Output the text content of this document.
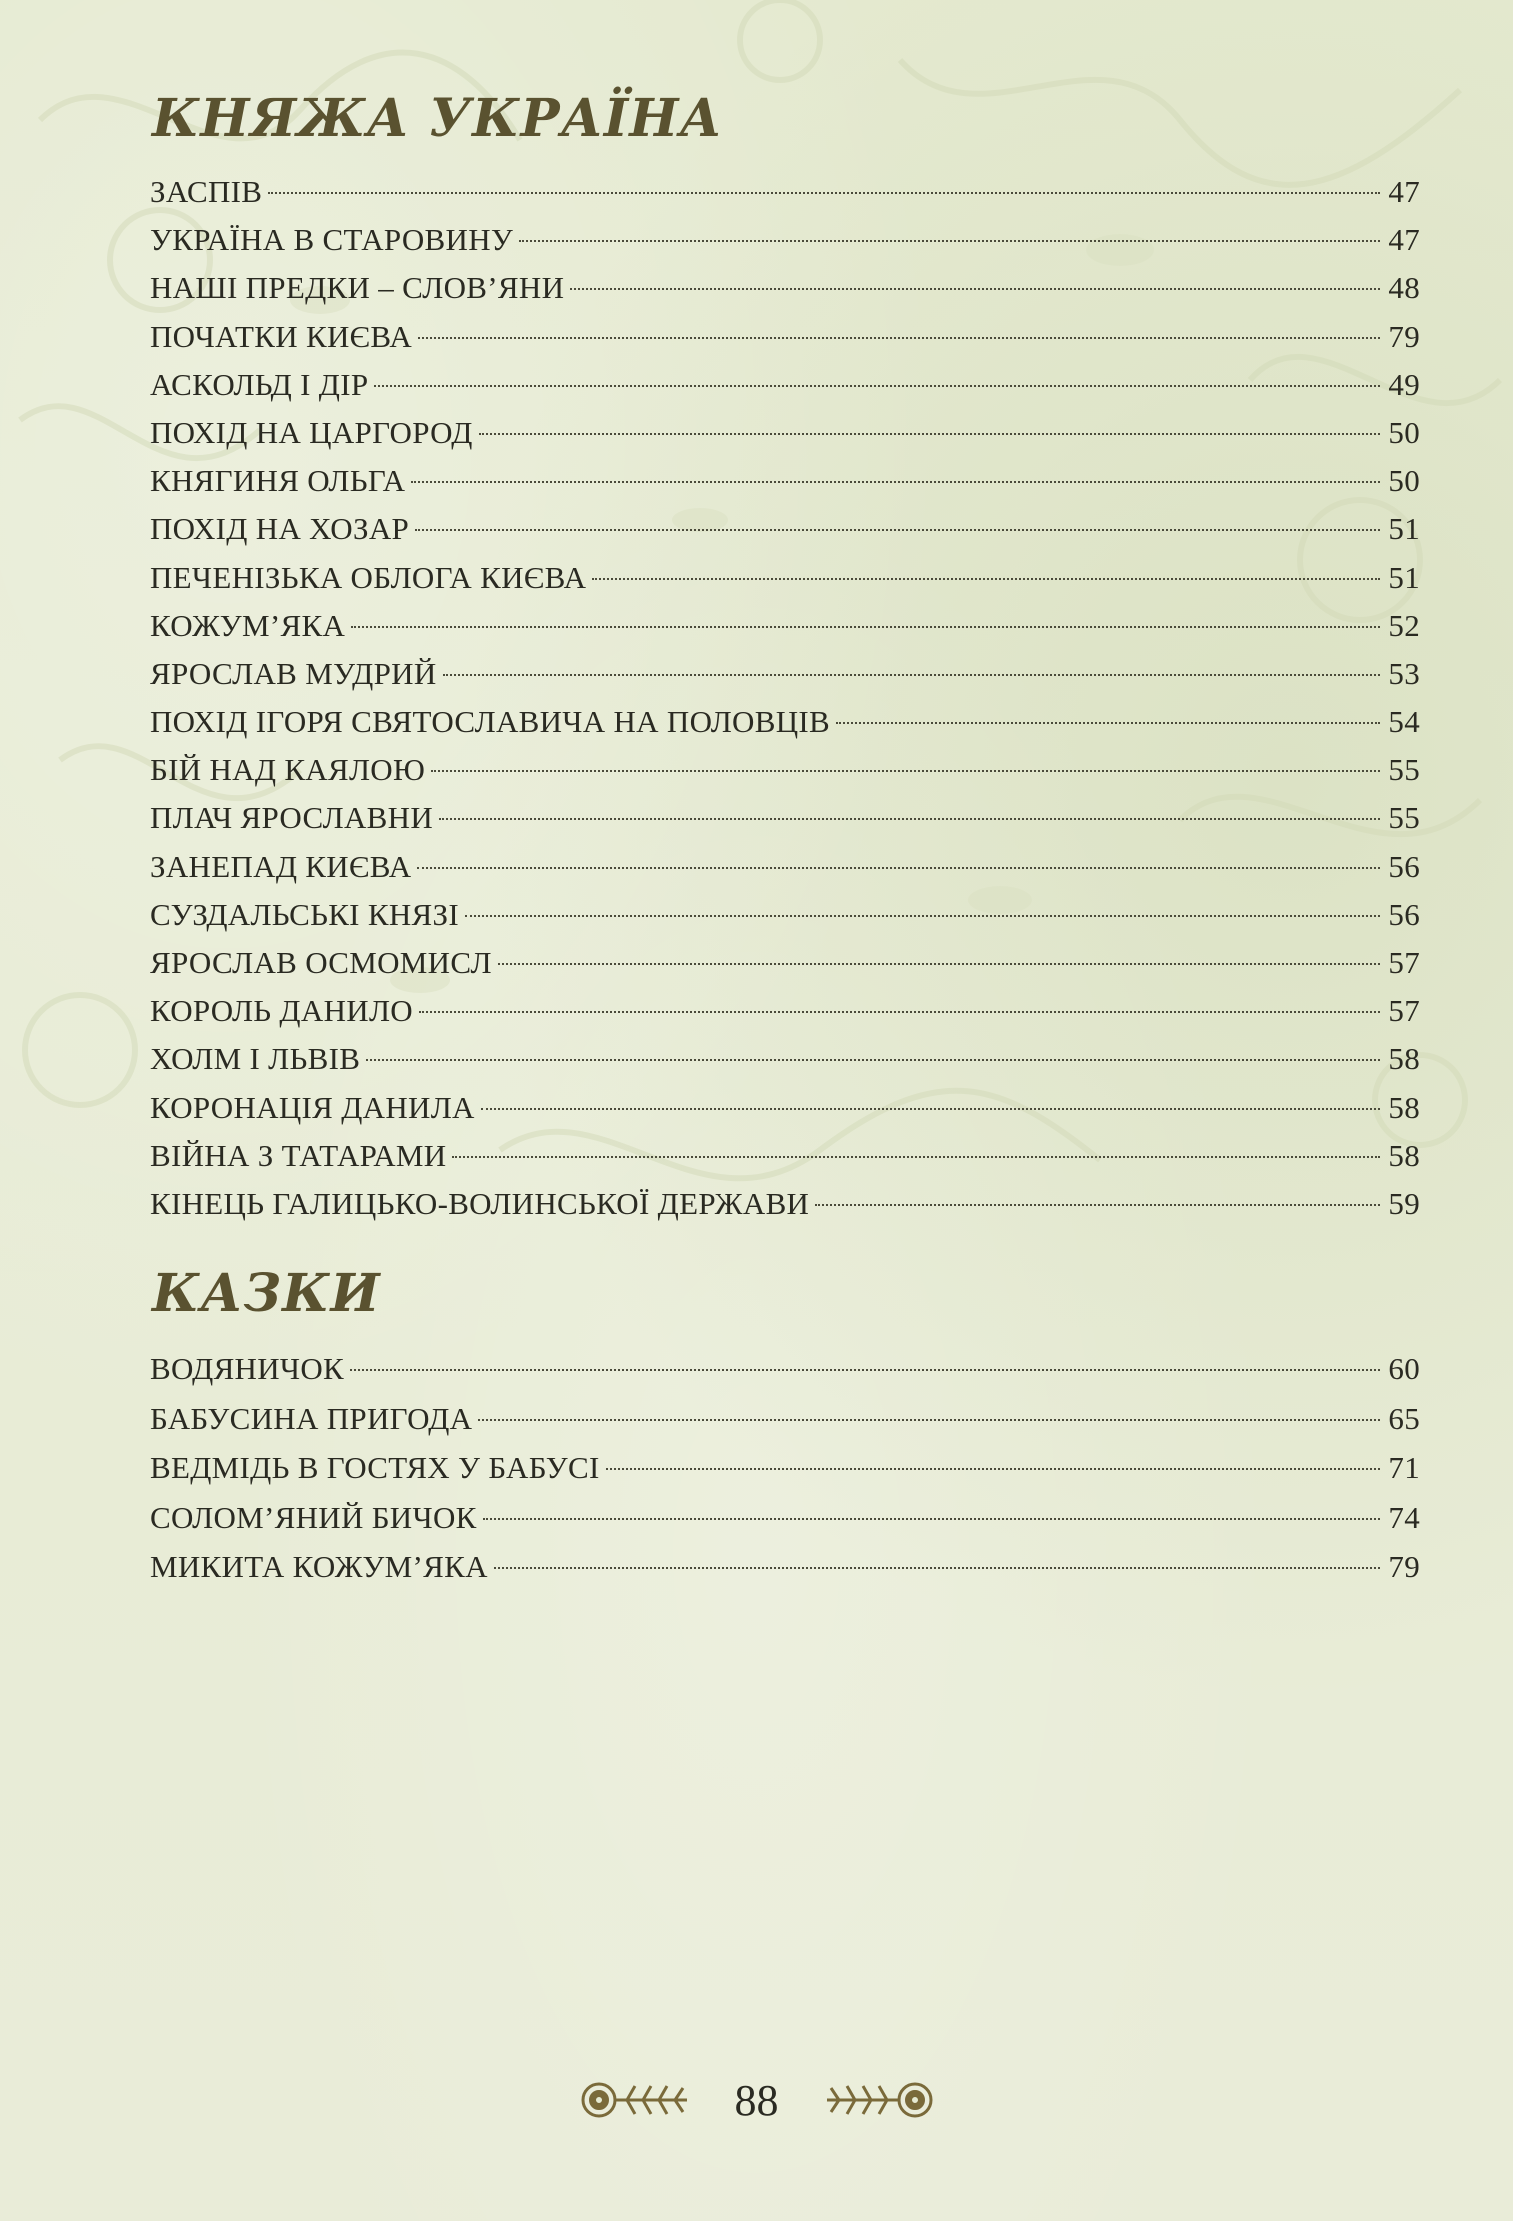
КНЯЖА УКРАЇНА
ЗАСПІВ	47
УКРАЇНА В СТАРОВИНУ	47
НАШІ ПРЕДКИ – СЛОВ’ЯНИ	48
ПОЧАТКИ КИЄВА	79
АСКОЛЬД І ДІР	49
ПОХІД НА ЦАРГОРОД	50
КНЯГИНЯ ОЛЬГА	50
ПОХІД НА ХОЗАР	51
ПЕЧЕНІЗЬКА ОБЛОГА КИЄВА	51
КОЖУМ’ЯКА	52
ЯРОСЛАВ МУДРИЙ	53
ПОХІД ІГОРЯ СВЯТОСЛАВИЧА НА ПОЛОВЦІВ	54
БІЙ НАД КАЯЛОЮ	55
ПЛАЧ ЯРОСЛАВНИ	55
ЗАНЕПАД КИЄВА	56
СУЗДАЛЬСЬКІ КНЯЗІ	56
ЯРОСЛАВ ОСМОМИСЛ	57
КОРОЛЬ ДАНИЛО	57
ХОЛМ І ЛЬВІВ	58
КОРОНАЦІЯ ДАНИЛА	58
ВІЙНА З ТАТАРАМИ	58
КІНЕЦЬ ГАЛИЦЬКО-ВОЛИНСЬКОЇ ДЕРЖАВИ	59
КАЗКИ
ВОДЯНИЧОК	60
БАБУСИНА ПРИГОДА	65
ВЕДМІДЬ В ГОСТЯХ У БАБУСІ	71
СОЛОМ’ЯНИЙ БИЧОК	74
МИКИТА КОЖУМ’ЯКА	79
88
